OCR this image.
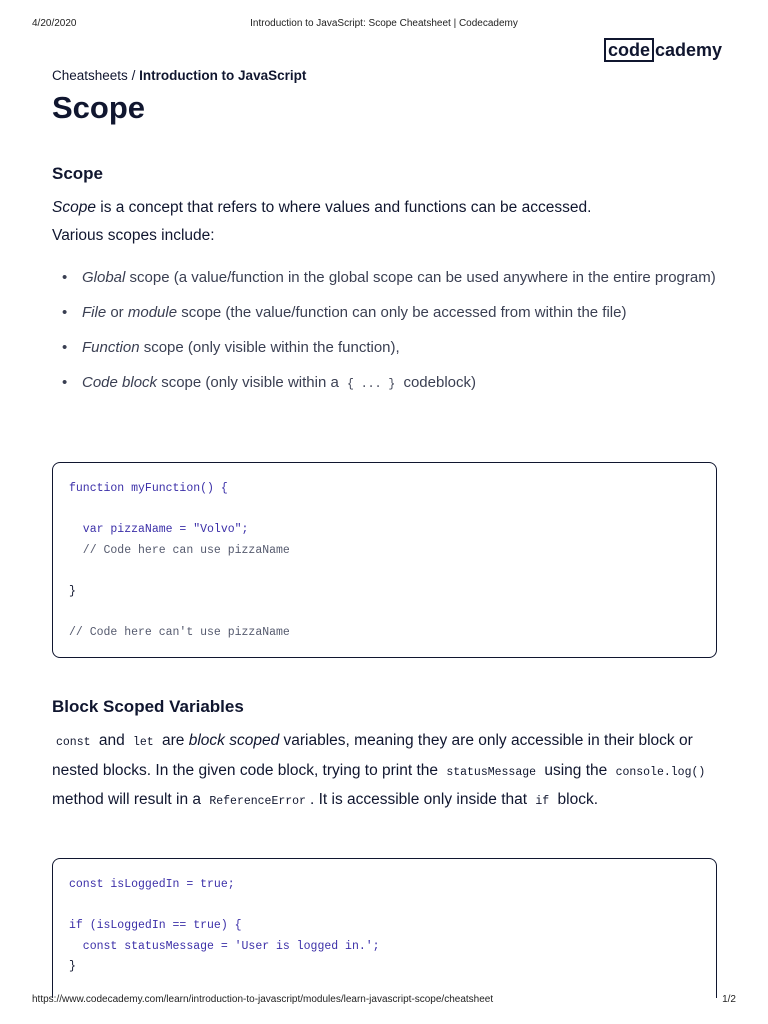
4/20/2020	Introduction to JavaScript: Scope Cheatsheet | Codecademy
code cademy
Cheatsheets / Introduction to JavaScript
Scope
Scope
Scope is a concept that refers to where values and functions can be accessed.
Various scopes include:
• Global scope (a value/function in the global scope can be used anywhere in the entire program)
• File or module scope (the value/function can only be accessed from within the file)
• Function scope (only visible within the function),
• Code block scope (only visible within a { ... } codeblock)
function myFunction() {
var pizzaName = "Volvo";
// Code here can use pizzaName
}
// Code here can't use pizzaName
Block Scoped Variables
const and let are block scoped variables, meaning they are only accessible in their block or nested blocks. In the given code block, trying to print the statusMessage using the console.log() method will result in a ReferenceError . It is accessible only inside that if block.
const isLoggedIn = true;
if (isLoggedIn == true) {
const statusMessage = 'User is logged in.';
}
https://www.codecademy.com/learn/introduction-to-javascript/modules/learn-javascript-scope/cheatsheet	1/2
